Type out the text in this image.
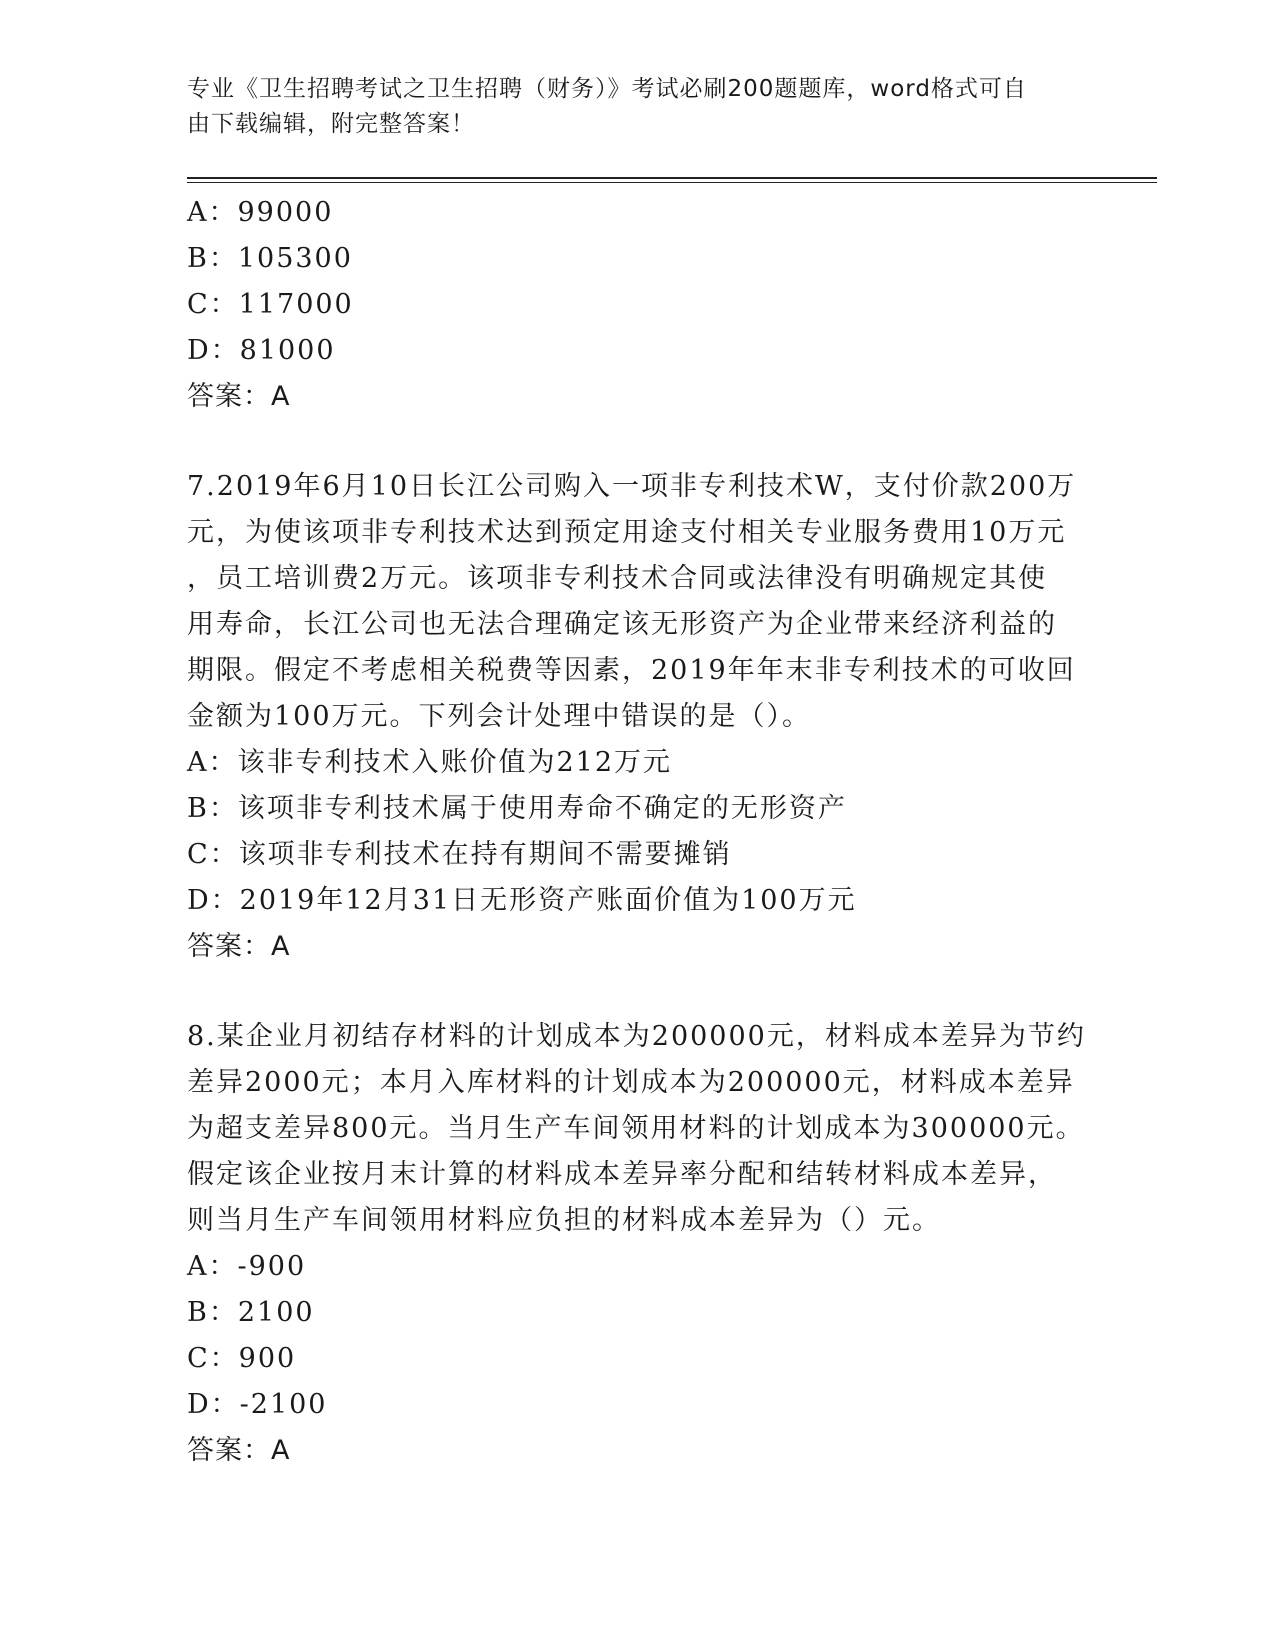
专业《卫生招聘考试之卫生招聘（财务）》考试必刷200题题库，word格式可自
由下载编辑，附完整答案！
A：99000
B：105300
C：117000
D：81000
答案：A
7.2019年6月10日长江公司购入一项非专利技术W，支付价款200万
元，为使该项非专利技术达到预定用途支付相关专业服务费用10万元
，员工培训费2万元。该项非专利技术合同或法律没有明确规定其使
用寿命，长江公司也无法合理确定该无形资产为企业带来经济利益的
期限。假定不考虑相关税费等因素，2019年年末非专利技术的可收回
金额为100万元。下列会计处理中错误的是（）。
A：该非专利技术入账价值为212万元
B：该项非专利技术属于使用寿命不确定的无形资产
C：该项非专利技术在持有期间不需要摊销
D：2019年12月31日无形资产账面价值为100万元
答案：A
8.某企业月初结存材料的计划成本为200000元，材料成本差异为节约
差异2000元；本月入库材料的计划成本为200000元，材料成本差异
为超支差异800元。当月生产车间领用材料的计划成本为300000元。
假定该企业按月末计算的材料成本差异率分配和结转材料成本差异，
则当月生产车间领用材料应负担的材料成本差异为（）元。
A：-900
B：2100
C：900
D：-2100
答案：A
